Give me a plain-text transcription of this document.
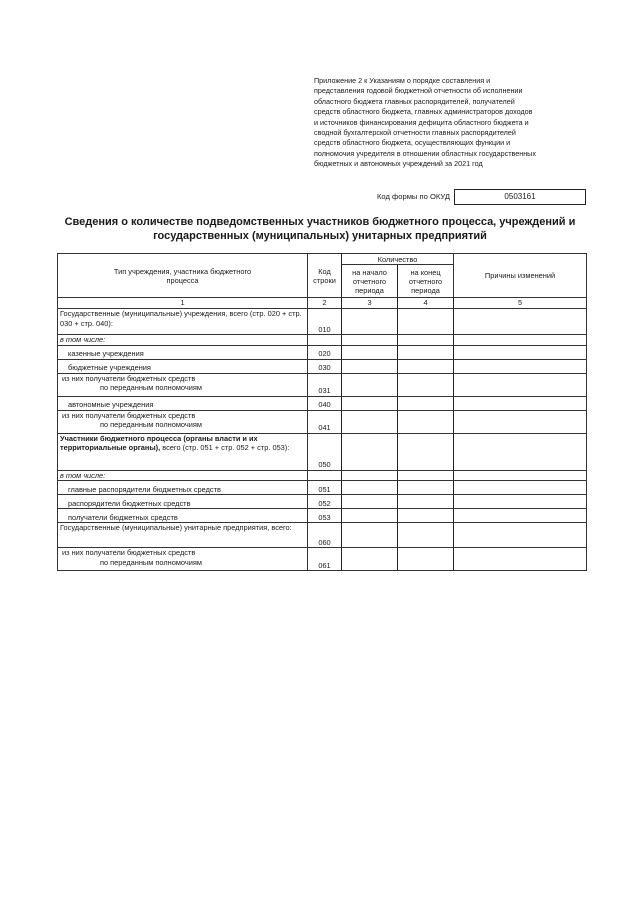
Приложение 2 к Указаниям о порядке составления и
представления годовой бюджетной отчетности об исполнении
областного бюджета главных распорядителей, получателей
средств областного бюджета, главных администраторов доходов
и источников финансирования дефицита областного бюджета и
сводной бухгалтерской отчетности главных распорядителей
средств областного бюджета, осуществляющих функции и
полномочия учредителя в отношении областных государственных
бюджетных и автономных учреждений за 2021 год
Код формы по ОКУД	0503161
Сведения о количестве подведомственных участников бюджетного процесса, учреждений и государственных (муниципальных) унитарных предприятий
Тип учреждения, участника бюджетного процесса	Код строки	Количество		Причины изменений
		на начало отчетного периода	на конец отчетного периода	
1	2	3	4	5
Государственные (муниципальные) учреждения, всего (стр. 020 + стр. 030 + стр. 040):	010			
в том числе:				
казенные учреждения	020			
бюджетные учреждения	030			

из них получатели бюджетных средств
по переданным полномочиям	031			
автономные учреждения	040			

из них получатели бюджетных средств
по переданным полномочиям	041			
Участники бюджетного процесса (органы власти и их территориальные органы), всего (стр. 051 + стр. 052 + стр. 053):	050			
в том числе:				
главные распорядители бюджетных средств	051			
распорядители бюджетных средств	052			
получатели бюджетных средств	053			
Государственные (муниципальные) унитарные предприятия, всего:	060			

из них получатели бюджетных средств
по переданным полномочиям	061			
